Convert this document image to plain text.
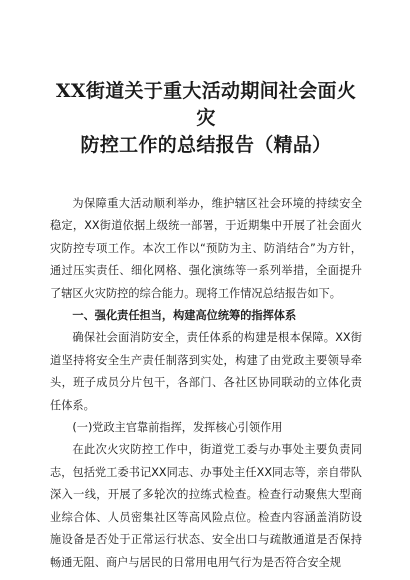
XX街道关于重大活动期间社会面火灾
防控工作的总结报告（精品）

为保障重大活动顺利举办，维护辖区社会环境的持续安全稳定，XX街道依据上级统一部署，于近期集中开展了社会面火灾防控专项工作。本次工作以“预防为主、防消结合”为方针，通过压实责任、细化网格、强化演练等一系列举措，全面提升了辖区火灾防控的综合能力。现将工作情况总结报告如下。

一、强化责任担当，构建高位统筹的指挥体系

确保社会面消防安全，责任体系的构建是根本保障。XX街道坚持将安全生产责任制落到实处，构建了由党政主要领导牵头，班子成员分片包干，各部门、各社区协同联动的立体化责任体系。

(一)党政主官靠前指挥，发挥核心引领作用

在此次火灾防控工作中，街道党工委与办事处主要负责同志，包括党工委书记XX同志、办事处主任XX同志等，亲自带队深入一线，开展了多轮次的拉练式检查。检查行动聚焦大型商业综合体、人员密集社区等高风险点位。检查内容涵盖消防设施设备是否处于正常运行状态、安全出口与疏散通道是否保持畅通无阻、商户与居民的日常用电用气行为是否符合安全规
